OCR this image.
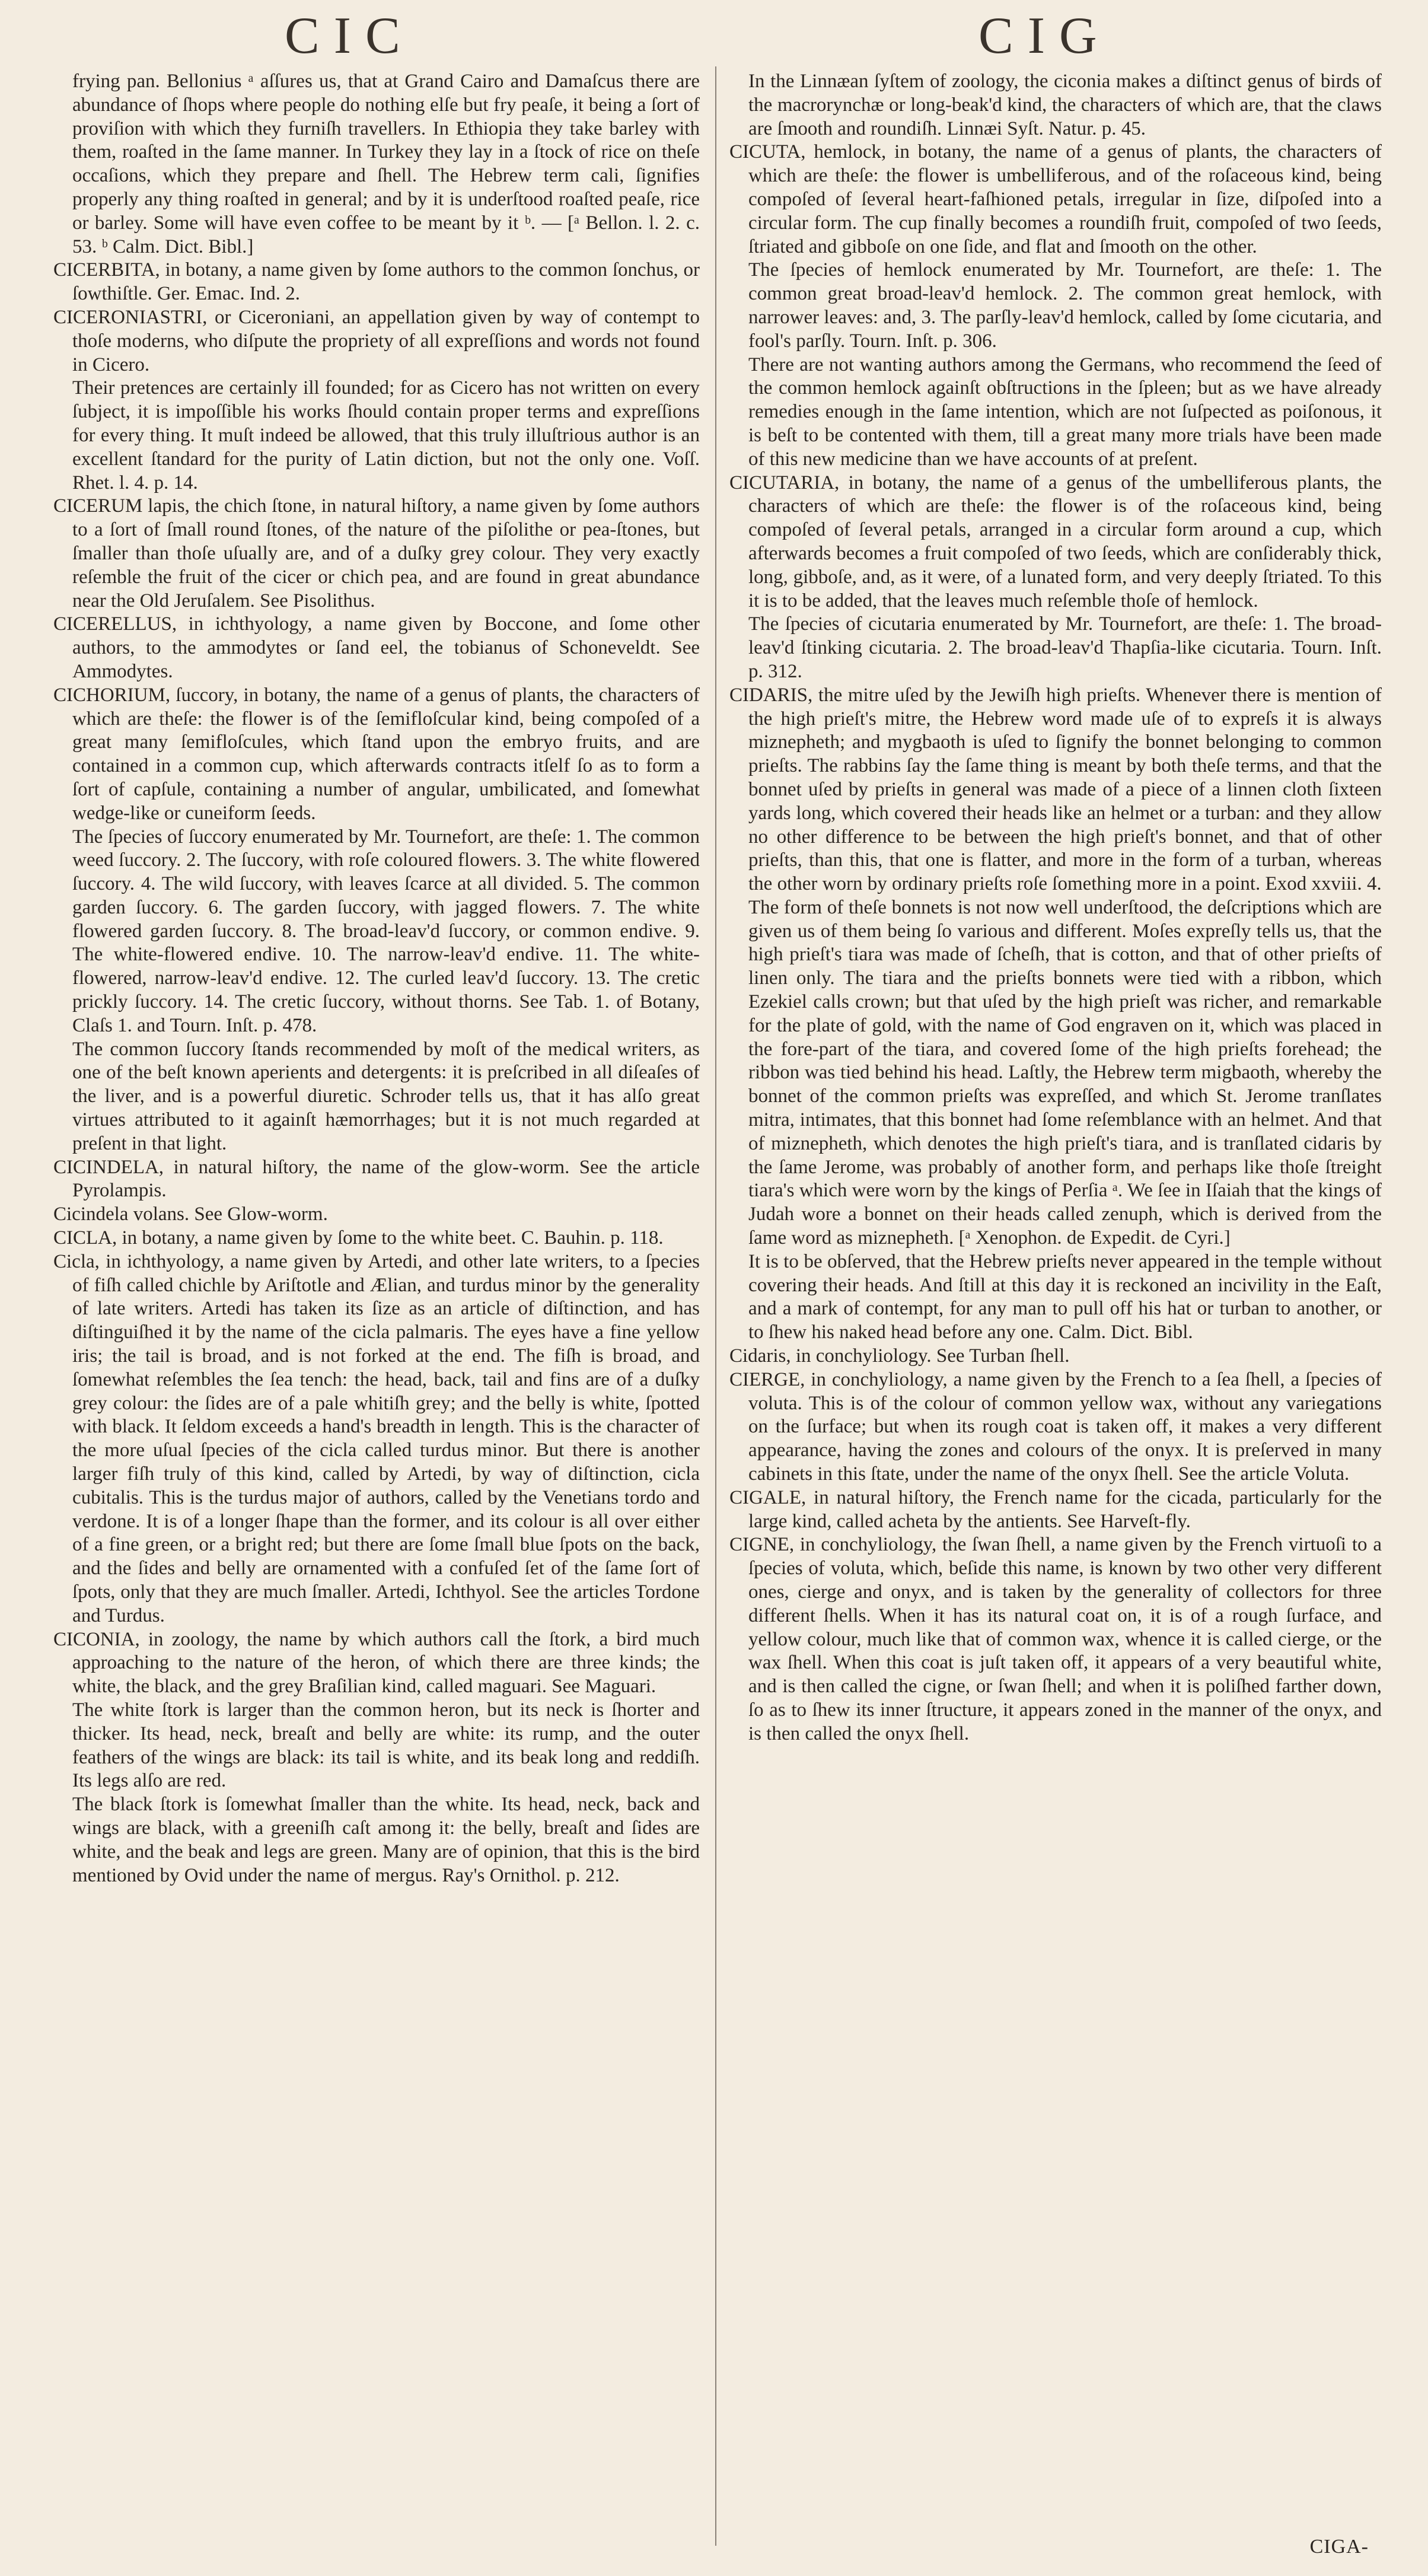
CIC	CIG

frying pan. Bellonius ᵃ aſſures us, that at Grand Cairo and Damaſcus there are abundance of ſhops where people do nothing elſe but fry peaſe, it being a ſort of proviſion with which they furniſh travellers. In Ethiopia they take barley with them, roaſted in the ſame manner. In Turkey they lay in a ſtock of rice on theſe occaſions, which they prepare and ſhell. The Hebrew term cali, ſignifies properly any thing roaſted in general; and by it is underſtood roaſted peaſe, rice or barley. Some will have even coffee to be meant by it ᵇ. — [ᵃ Bellon. l. 2. c. 53. ᵇ Calm. Dict. Bibl.]

CICERBITA, in botany, a name given by ſome authors to the common ſonchus, or ſowthiſtle. Ger. Emac. Ind. 2.

CICERONIASTRI, or Ciceroniani, an appellation given by way of contempt to thoſe moderns, who diſpute the propriety of all expreſſions and words not found in Cicero.

Their pretences are certainly ill founded; for as Cicero has not written on every ſubject, it is impoſſible his works ſhould contain proper terms and expreſſions for every thing. It muſt indeed be allowed, that this truly illuſtrious author is an excellent ſtandard for the purity of Latin diction, but not the only one. Voſſ. Rhet. l. 4. p. 14.

CICERUM lapis, the chich ſtone, in natural hiſtory, a name given by ſome authors to a ſort of ſmall round ſtones, of the nature of the piſolithe or pea-ſtones, but ſmaller than thoſe uſually are, and of a duſky grey colour. They very exactly reſemble the fruit of the cicer or chich pea, and are found in great abundance near the Old Jeruſalem. See Pisolithus.

CICERELLUS, in ichthyology, a name given by Boccone, and ſome other authors, to the ammodytes or ſand eel, the tobianus of Schoneveldt. See Ammodytes.

CICHORIUM, ſuccory, in botany, the name of a genus of plants, the characters of which are theſe: the flower is of the ſemifloſcular kind, being compoſed of a great many ſemifloſcules, which ſtand upon the embryo fruits, and are contained in a common cup, which afterwards contracts itſelf ſo as to form a ſort of capſule, containing a number of angular, umbilicated, and ſomewhat wedge-like or cuneiform ſeeds.

The ſpecies of ſuccory enumerated by Mr. Tournefort, are theſe: 1. The common weed ſuccory. 2. The ſuccory, with roſe coloured flowers. 3. The white flowered ſuccory. 4. The wild ſuccory, with leaves ſcarce at all divided. 5. The common garden ſuccory. 6. The garden ſuccory, with jagged flowers. 7. The white flowered garden ſuccory. 8. The broad-leav'd ſuccory, or common endive. 9. The white-flowered endive. 10. The narrow-leav'd endive. 11. The white-flowered, narrow-leav'd endive. 12. The curled leav'd ſuccory. 13. The cretic prickly ſuccory. 14. The cretic ſuccory, without thorns. See Tab. 1. of Botany, Claſs 1. and Tourn. Inſt. p. 478.

The common ſuccory ſtands recommended by moſt of the medical writers, as one of the beſt known aperients and detergents: it is preſcribed in all diſeaſes of the liver, and is a powerful diuretic. Schroder tells us, that it has alſo great virtues attributed to it againſt hæmorrhages; but it is not much regarded at preſent in that light.

CICINDELA, in natural hiſtory, the name of the glow-worm. See the article Pyrolampis.

Cicindela volans. See Glow-worm.

CICLA, in botany, a name given by ſome to the white beet. C. Bauhin. p. 118.

Cicla, in ichthyology, a name given by Artedi, and other late writers, to a ſpecies of fiſh called chichle by Ariſtotle and Ælian, and turdus minor by the generality of late writers. Artedi has taken its ſize as an article of diſtinction, and has diſtinguiſhed it by the name of the cicla palmaris. The eyes have a fine yellow iris; the tail is broad, and is not forked at the end. The fiſh is broad, and ſomewhat reſembles the ſea tench: the head, back, tail and fins are of a duſky grey colour: the ſides are of a pale whitiſh grey; and the belly is white, ſpotted with black. It ſeldom exceeds a hand's breadth in length. This is the character of the more uſual ſpecies of the cicla called turdus minor. But there is another larger fiſh truly of this kind, called by Artedi, by way of diſtinction, cicla cubitalis. This is the turdus major of authors, called by the Venetians tordo and verdone. It is of a longer ſhape than the former, and its colour is all over either of a fine green, or a bright red; but there are ſome ſmall blue ſpots on the back, and the ſides and belly are ornamented with a confuſed ſet of the ſame ſort of ſpots, only that they are much ſmaller. Artedi, Ichthyol. See the articles Tordone and Turdus.

CICONIA, in zoology, the name by which authors call the ſtork, a bird much approaching to the nature of the heron, of which there are three kinds; the white, the black, and the grey Braſilian kind, called maguari. See Maguari.

The white ſtork is larger than the common heron, but its neck is ſhorter and thicker. Its head, neck, breaſt and belly are white: its rump, and the outer feathers of the wings are black: its tail is white, and its beak long and reddiſh. Its legs alſo are red.

The black ſtork is ſomewhat ſmaller than the white. Its head, neck, back and wings are black, with a greeniſh caſt among it: the belly, breaſt and ſides are white, and the beak and legs are green. Many are of opinion, that this is the bird mentioned by Ovid under the name of mergus. Ray's Ornithol. p. 212.

In the Linnæan ſyſtem of zoology, the ciconia makes a diſtinct genus of birds of the macrorynchæ or long-beak'd kind, the characters of which are, that the claws are ſmooth and roundiſh. Linnæi Syſt. Natur. p. 45.

CICUTA, hemlock, in botany, the name of a genus of plants, the characters of which are theſe: the flower is umbelliferous, and of the roſaceous kind, being compoſed of ſeveral heart-faſhioned petals, irregular in ſize, diſpoſed into a circular form. The cup finally becomes a roundiſh fruit, compoſed of two ſeeds, ſtriated and gibboſe on one ſide, and flat and ſmooth on the other.

The ſpecies of hemlock enumerated by Mr. Tournefort, are theſe: 1. The common great broad-leav'd hemlock. 2. The common great hemlock, with narrower leaves: and, 3. The parſly-leav'd hemlock, called by ſome cicutaria, and fool's parſly. Tourn. Inſt. p. 306.

There are not wanting authors among the Germans, who recommend the ſeed of the common hemlock againſt obſtructions in the ſpleen; but as we have already remedies enough in the ſame intention, which are not ſuſpected as poiſonous, it is beſt to be contented with them, till a great many more trials have been made of this new medicine than we have accounts of at preſent.

CICUTARIA, in botany, the name of a genus of the umbelliferous plants, the characters of which are theſe: the flower is of the roſaceous kind, being compoſed of ſeveral petals, arranged in a circular form around a cup, which afterwards becomes a fruit compoſed of two ſeeds, which are conſiderably thick, long, gibboſe, and, as it were, of a lunated form, and very deeply ſtriated. To this it is to be added, that the leaves much reſemble thoſe of hemlock.

The ſpecies of cicutaria enumerated by Mr. Tournefort, are theſe: 1. The broad-leav'd ſtinking cicutaria. 2. The broad-leav'd Thapſia-like cicutaria. Tourn. Inſt. p. 312.

CIDARIS, the mitre uſed by the Jewiſh high prieſts. Whenever there is mention of the high prieſt's mitre, the Hebrew word made uſe of to expreſs it is always miznepheth; and mygbaoth is uſed to ſignify the bonnet belonging to common prieſts. The rabbins ſay the ſame thing is meant by both theſe terms, and that the bonnet uſed by prieſts in general was made of a piece of a linnen cloth ſixteen yards long, which covered their heads like an helmet or a turban: and they allow no other difference to be between the high prieſt's bonnet, and that of other prieſts, than this, that one is flatter, and more in the form of a turban, whereas the other worn by ordinary prieſts roſe ſomething more in a point. Exod xxviii. 4.

The form of theſe bonnets is not now well underſtood, the deſcriptions which are given us of them being ſo various and different. Moſes expreſly tells us, that the high prieſt's tiara was made of ſcheſh, that is cotton, and that of other prieſts of linen only. The tiara and the prieſts bonnets were tied with a ribbon, which Ezekiel calls crown; but that uſed by the high prieſt was richer, and remarkable for the plate of gold, with the name of God engraven on it, which was placed in the fore-part of the tiara, and covered ſome of the high prieſts forehead; the ribbon was tied behind his head. Laſtly, the Hebrew term migbaoth, whereby the bonnet of the common prieſts was expreſſed, and which St. Jerome tranſlates mitra, intimates, that this bonnet had ſome reſemblance with an helmet. And that of miznepheth, which denotes the high prieſt's tiara, and is tranſlated cidaris by the ſame Jerome, was probably of another form, and perhaps like thoſe ſtreight tiara's which were worn by the kings of Perſia ᵃ. We ſee in Iſaiah that the kings of Judah wore a bonnet on their heads called zenuph, which is derived from the ſame word as miznepheth. [ᵃ Xenophon. de Expedit. de Cyri.]

It is to be obſerved, that the Hebrew prieſts never appeared in the temple without covering their heads. And ſtill at this day it is reckoned an incivility in the Eaſt, and a mark of contempt, for any man to pull off his hat or turban to another, or to ſhew his naked head before any one. Calm. Dict. Bibl.

Cidaris, in conchyliology. See Turban ſhell.

CIERGE, in conchyliology, a name given by the French to a ſea ſhell, a ſpecies of voluta. This is of the colour of common yellow wax, without any variegations on the ſurface; but when its rough coat is taken off, it makes a very different appearance, having the zones and colours of the onyx. It is preſerved in many cabinets in this ſtate, under the name of the onyx ſhell. See the article Voluta.

CIGALE, in natural hiſtory, the French name for the cicada, particularly for the large kind, called acheta by the antients. See Harveſt-fly.

CIGNE, in conchyliology, the ſwan ſhell, a name given by the French virtuoſi to a ſpecies of voluta, which, beſide this name, is known by two other very different ones, cierge and onyx, and is taken by the generality of collectors for three different ſhells. When it has its natural coat on, it is of a rough ſurface, and yellow colour, much like that of common wax, whence it is called cierge, or the wax ſhell. When this coat is juſt taken off, it appears of a very beautiful white, and is then called the cigne, or ſwan ſhell; and when it is poliſhed farther down, ſo as to ſhew its inner ſtructure, it appears zoned in the manner of the onyx, and is then called the onyx ſhell.

CIGA-
